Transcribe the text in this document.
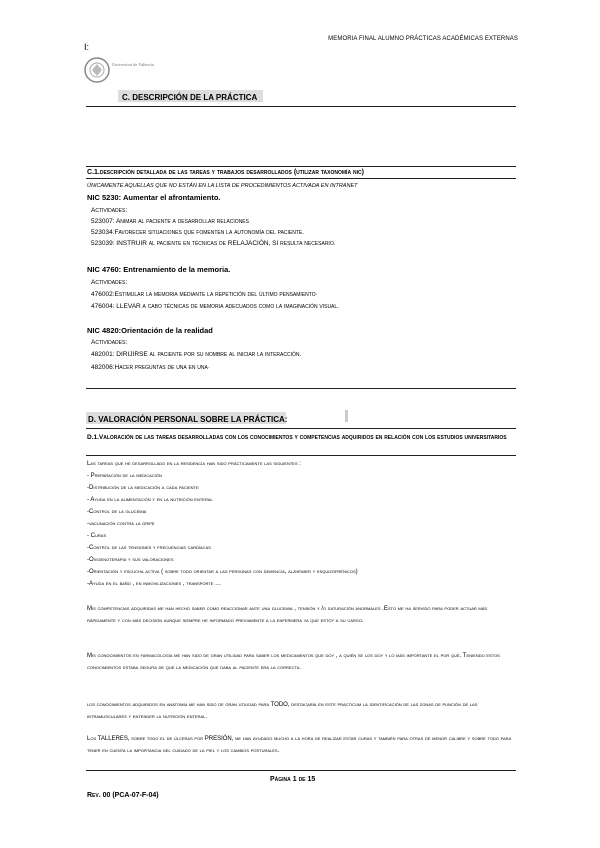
MEMORIA FINAL ALUMNO PRÁCTICAS ACADÉMICAS EXTERNAS
I​:
Universitat de València
C. DESCRIPCIÓN DE LA PRÁCTICA
C.1.descripción detallada de las tareas y trabajos desarrollados (utilizar taxonomía nic)
ÚNICAMENTE AQUELLAS QUE NO ESTÁN EN LA LISTA DE PROCEDIMIENTOS ACTIVADA EN INTRANET
NIC 5230: Aumentar el afrontamiento.
Actividades:
523007: Animar al paciente a desarrollar relaciones
523034:Favorecer situaciones que fomenten la autonomía del paciente.
523039: INSTRUIR al paciente en técnicas de RELAJACIÓN, SI resulta necesario.
NIC 4760: Entrenamiento de la memoria.
Actividades:
476002:Estimular la memoria mediante la repetición del último pensamiento·
476004: LLEVAR a cabo técnicas de memoria adecuados como la imaginación visual.
NIC 4820:Orientación de la realidad
Actividades:
482001: DIRIJIRSE al paciente por su nombre al iniciar la interacción.
482006:Hacer preguntas de una en una·
D. VALORACIÓN PERSONAL SOBRE LA PRÁCTICA:
D.1.Valoración de las tareas desarrolladas con los conocimientos y competencias adquiridos en relación con los estudios universitarios
Las tareas que he desarrollado en la residencia han sido prácticamente las siguientes :
- Preparación de la medicación
-Distribución de la medicación a cada paciente
- Ayuda en la alimentación y en la nutrición enteral
-Control de la glucemia
-vacunación contra la gripe
- Curas
-Control de las tensiones y frecuencias cardíacas
-Oxigenoterapia y sus valoraciones
-Orientación y escucha activa ( sobre todo orientar a las personas con demencia, alzhéimer y esquizofrénicos)
-Ayuda en el baño , en inmovilizaciones , transporte …
Mis competencias adquiridas me han hecho saber como reaccionar ante una glucemia , tensión y /o saturación anormales .Esto me ha servido para poder actuar más rápidamente y con más decisión aunque siempre he informado previamente a la enfermera ya que estoy a su cargo.
Mis conocimientos en farmacología me han sido de gran utilidad para saber los medicamentos que doy , a quién se los doy y lo más importante el por qué. Teniendo estos conocimientos estaba segura de que la medicación que daba al paciente era la correcta.
los conocimientos adquiridos en anatomía me han sido de gran utilidad para TODO, destacaría en este practicum la identificación de las zonas de punción de las intramusculares y entender la nutrición enteral.
Los TALLERES, sobre todo el de úlceras por PRESIÓN, me han ayudado mucho a la hora de realizar estar curas y también para otras de menor calibre y sobre todo para tener en cuenta la importancia del cuidado de la piel y los cambios posturales.
Página 1 de 15
Rev. 00 (PCA-07-F-04)
